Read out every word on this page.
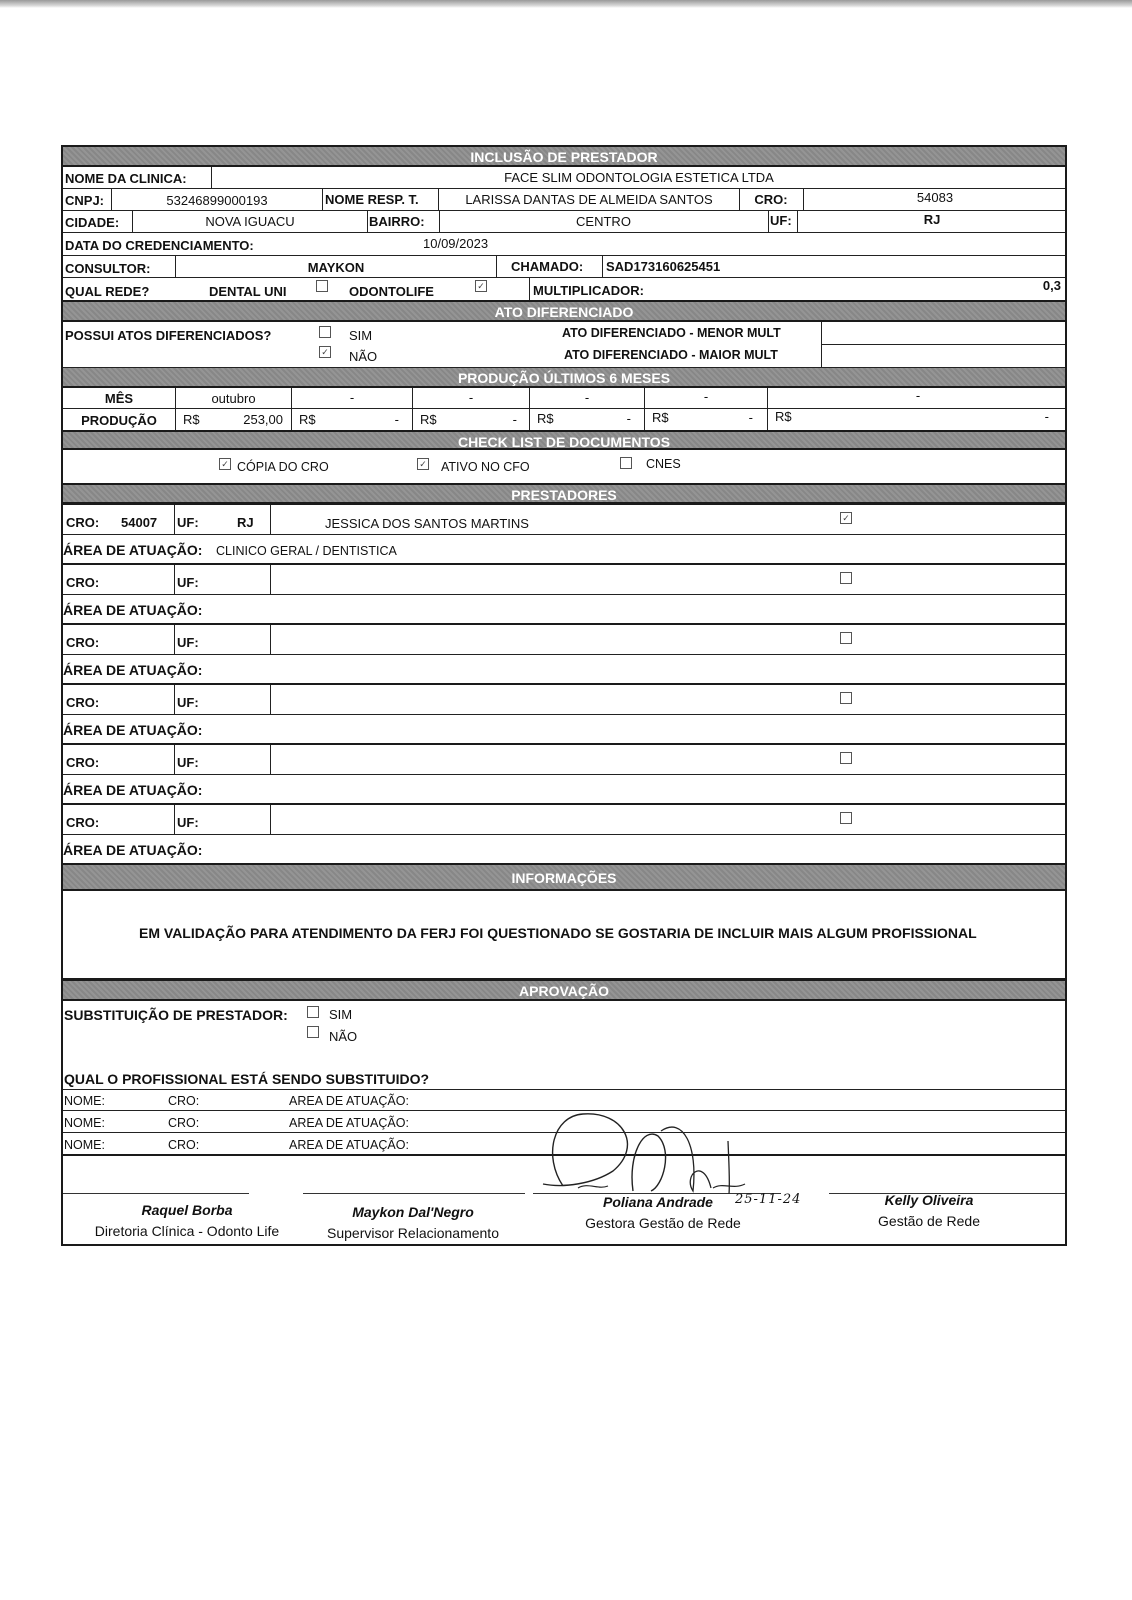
INCLUSÃO DE PRESTADOR
NOME DA CLINICA:	FACE SLIM ODONTOLOGIA ESTETICA LTDA
CNPJ:	53246899000193	NOME RESP. T.	LARISSA DANTAS DE ALMEIDA SANTOS	CRO:	54083
CIDADE:	NOVA IGUACU	BAIRRO:	CENTRO	UF:	RJ
DATA DO CREDENCIAMENTO:	10/09/2023
CONSULTOR:	MAYKON	CHAMADO: SAD173160625451
QUAL REDE?	DENTAL UNI	ODONTOLIFE	✓	MULTIPLICADOR:	0,3
ATO DIFERENCIADO
POSSUI ATOS DIFERENCIADOS?	SIM
✓ NÃO
ATO DIFERENCIADO - MENOR MULT
ATO DIFERENCIADO - MAIOR MULT
PRODUÇÃO ÚLTIMOS 6 MESES
MÊS	outubro	-	-	-	-	-
PRODUÇÃO	R$	253,00 R$	- R$	- R$	- R$	- R$	-
CHECK LIST DE DOCUMENTOS
✓ CÓPIA DO CRO	✓ ATIVO NO CFO	CNES
PRESTADORES
CRO: 54007 UF:	RJ	JESSICA DOS SANTOS MARTINS	✓
ÁREA DE ATUAÇÃO: CLINICO GERAL / DENTISTICA
CRO:	UF:
ÁREA DE ATUAÇÃO:
CRO:	UF:
ÁREA DE ATUAÇÃO:
CRO:	UF:
ÁREA DE ATUAÇÃO:
CRO:	UF:
ÁREA DE ATUAÇÃO:
CRO:	UF:
ÁREA DE ATUAÇÃO:
INFORMAÇÕES
EM VALIDAÇÃO PARA ATENDIMENTO DA FERJ FOI QUESTIONADO SE GOSTARIA DE INCLUIR MAIS ALGUM PROFISSIONAL
APROVAÇÃO
SUBSTITUIÇÃO DE PRESTADOR:	SIM
NÃO
QUAL O PROFISSIONAL ESTÁ SENDO SUBSTITUIDO?
NOME:	CRO:	AREA DE ATUAÇÃO:
NOME:	CRO:	AREA DE ATUAÇÃO:
NOME:	CRO:	AREA DE ATUAÇÃO:
Raquel Borba
Diretoria Clínica - Odonto Life
Maykon Dal'Negro
Supervisor Relacionamento
Poliana Andrade	25-11-24
Gestora Gestão de Rede
Kelly Oliveira
Gestão de Rede
